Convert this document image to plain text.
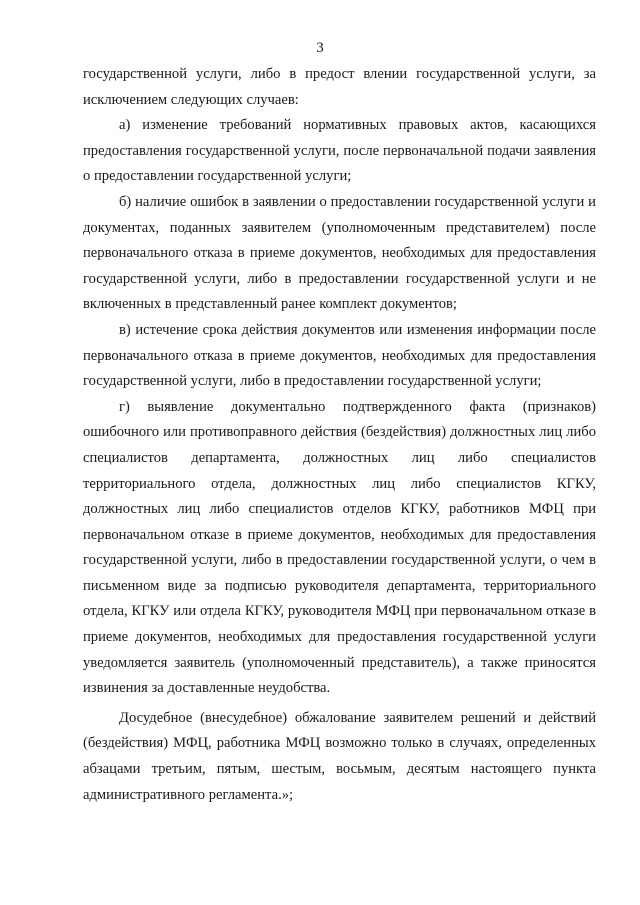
3

государственной услуги, либо в предост влении государственной услуги, за исключением следующих случаев:

а) изменение требований нормативных правовых актов, касающихся предоставления государственной услуги, после первоначальной подачи заявления о предоставлении государственной услуги;

б) наличие ошибок в заявлении о предоставлении государственной услуги и документах, поданных заявителем (уполномоченным представителем) после первоначального отказа в приеме документов, необходимых для предоставления государственной услуги, либо в предоставлении государственной услуги и не включенных в представленный ранее комплект документов;

в) истечение срока действия документов или изменения информации после первоначального отказа в приеме документов, необходимых для предоставления государственной услуги, либо в предоставлении государственной услуги;

г) выявление документально подтвержденного факта (признаков) ошибочного или противоправного действия (бездействия) должностных лиц либо специалистов департамента, должностных лиц либо специалистов территориального отдела, должностных лиц либо специалистов КГКУ, должностных лиц либо специалистов отделов КГКУ, работников МФЦ при первоначальном отказе в приеме документов, необходимых для предоставления государственной услуги, либо в предоставлении государственной услуги, о чем в письменном виде за подписью руководителя департамента, территориального отдела, КГКУ или отдела КГКУ, руководителя МФЦ при первоначальном отказе в приеме документов, необходимых для предоставления государственной услуги уведомляется заявитель (уполномоченный представитель), а также приносятся извинения за доставленные неудобства.

Досудебное (внесудебное) обжалование заявителем решений и действий (бездействия) МФЦ, работника МФЦ возможно только в случаях, определенных абзацами третьим, пятым, шестым, восьмым, десятым настоящего пункта административного регламента.»;
